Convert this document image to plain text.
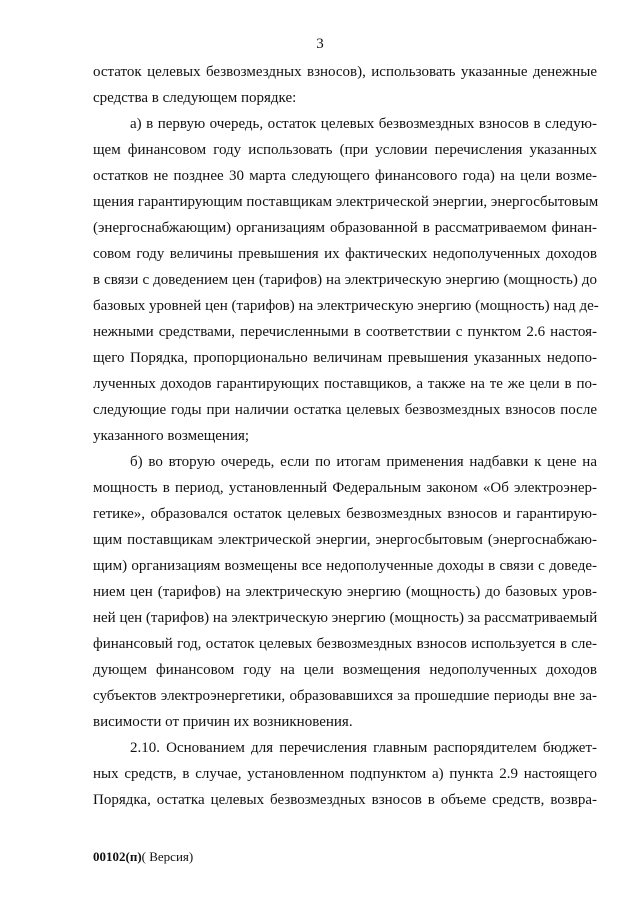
3
остаток целевых безвозмездных взносов), использовать указанные денежные
средства в следующем порядке:
а) в первую очередь, остаток целевых безвозмездных взносов в следую-
щем финансовом году использовать (при условии перечисления указанных
остатков не позднее 30 марта следующего финансового года) на цели возме-
щения гарантирующим поставщикам электрической энергии, энергосбытовым
(энергоснабжающим) организациям образованной в рассматриваемом финан-
совом году величины превышения их фактических недополученных доходов
в связи с доведением цен (тарифов) на электрическую энергию (мощность) до
базовых уровней цен (тарифов) на электрическую энергию (мощность) над де-
нежными средствами, перечисленными в соответствии с пунктом 2.6 настоя-
щего Порядка, пропорционально величинам превышения указанных недопо-
лученных доходов гарантирующих поставщиков, а также на те же цели в по-
следующие годы при наличии остатка целевых безвозмездных взносов после
указанного возмещения;
б) во вторую очередь, если по итогам применения надбавки к цене на
мощность в период, установленный Федеральным законом «Об электроэнер-
гетике», образовался остаток целевых безвозмездных взносов и гарантирую-
щим поставщикам электрической энергии, энергосбытовым (энергоснабжаю-
щим) организациям возмещены все недополученные доходы в связи с доведе-
нием цен (тарифов) на электрическую энергию (мощность) до базовых уров-
ней цен (тарифов) на электрическую энергию (мощность) за рассматриваемый
финансовый год, остаток целевых безвозмездных взносов используется в сле-
дующем финансовом году на цели возмещения недополученных доходов
субъектов электроэнергетики, образовавшихся за прошедшие периоды вне за-
висимости от причин их возникновения.
2.10. Основанием для перечисления главным распорядителем бюджет-
ных средств, в случае, установленном подпунктом а) пункта 2.9 настоящего
Порядка, остатка целевых безвозмездных взносов в объеме средств, возвра-
00102(п)( Версия)
